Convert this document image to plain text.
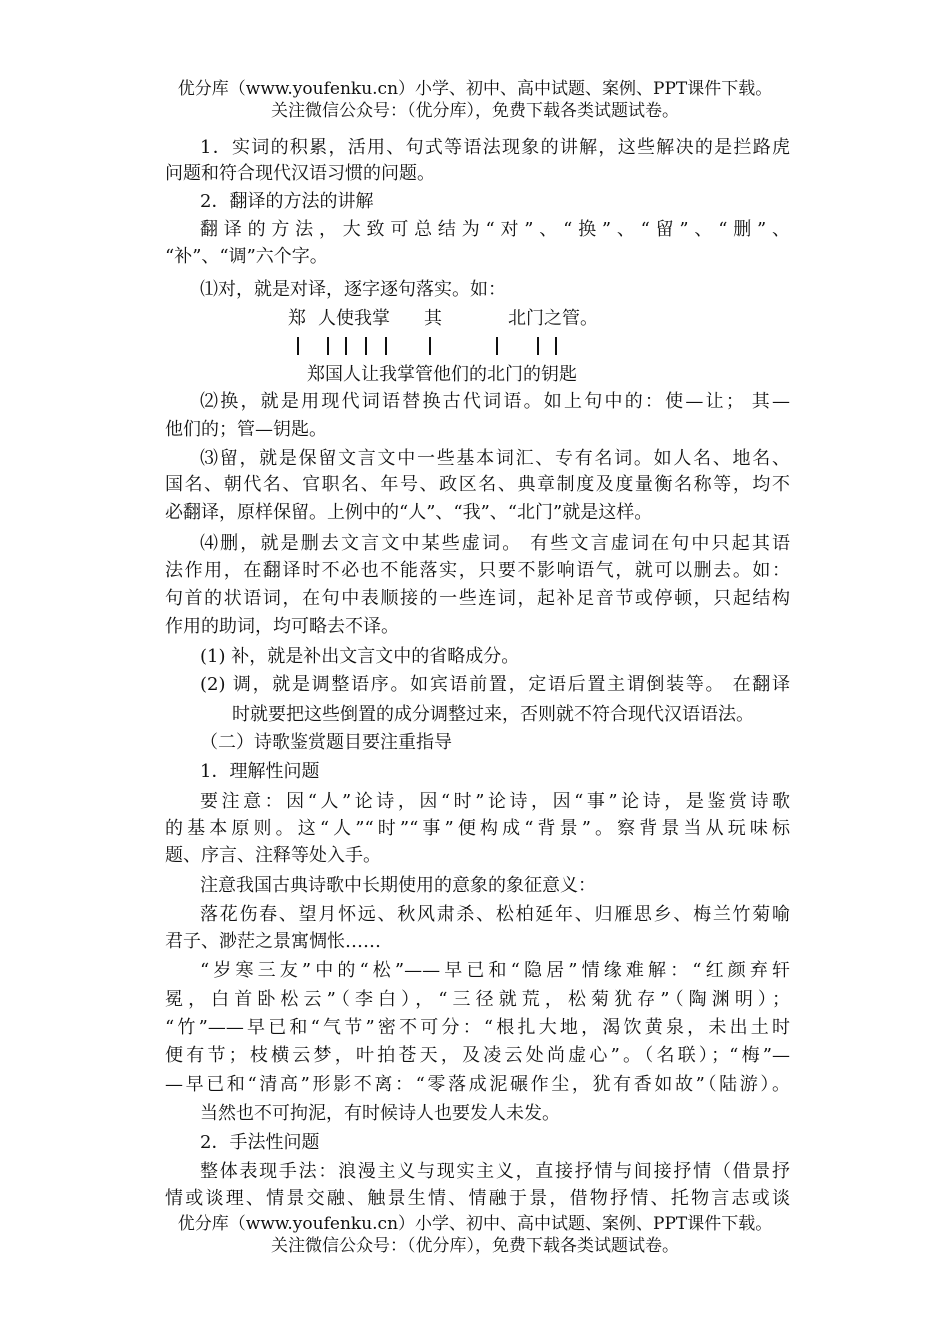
优分库（www.youfenku.cn）小学、初中、高中试题、案例、PPT课件下载。
关注微信公众号：（优分库），免费下载各类试题试卷。
1．实词的积累，活用、句式等语法现象的讲解，这些解决的是拦路虎
问题和符合现代汉语习惯的问题。
2．翻译的方法的讲解
翻译的方法，大致可总结为“对”、“换”、“留”、“删”、
“补”、“调”六个字。
⑴对，就是对译，逐字逐句落实。如：
郑 人使我掌 其	北门之管。
郑国人让我掌管他们的北门的钥匙
⑵换，就是用现代词语替换古代词语。如上句中的：使—让； 其—
他们的；管—钥匙。
⑶留，就是保留文言文中一些基本词汇、专有名词。如人名、地名、
国名、朝代名、官职名、年号、政区名、典章制度及度量衡名称等，均不
必翻译，原样保留。上例中的“人”、“我”、“北门”就是这样。
⑷删，就是删去文言文中某些虚词。 有些文言虚词在句中只起其语
法作用，在翻译时不必也不能落实，只要不影响语气，就可以删去。如：
句首的状语词，在句中表顺接的一些连词，起补足音节或停顿，只起结构
作用的助词，均可略去不译。
(1) 补，就是补出文言文中的省略成分。
(2) 调，就是调整语序。如宾语前置，定语后置主谓倒装等。 在翻译
时就要把这些倒置的成分调整过来，否则就不符合现代汉语语法。
（二）诗歌鉴赏题目要注重指导
1．理解性问题
要注意：因“人”论诗，因“时”论诗，因“事”论诗，是鉴赏诗歌
的基本原则。这“人”“时”“事”便构成“背景”。察背景当从玩味标
题、序言、注释等处入手。
注意我国古典诗歌中长期使用的意象的象征意义：
落花伤春、望月怀远、秋风肃杀、松柏延年、归雁思乡、梅兰竹菊喻
君子、渺茫之景寓惆怅……
“岁寒三友”中的“松”——早已和“隐居”情缘难解：“红颜弃轩
冕，白首卧松云”（李白），“三径就荒，松菊犹存”（陶渊明）；
“竹”——早已和“气节”密不可分：“根扎大地，渴饮黄泉，未出土时
便有节；枝横云梦，叶拍苍天，及凌云处尚虚心”。（名联）；“梅”—
—早已和“清高”形影不离：“零落成泥碾作尘，犹有香如故”（陆游）。
当然也不可拘泥，有时候诗人也要发人未发。
2．手法性问题
整体表现手法：浪漫主义与现实主义，直接抒情与间接抒情（借景抒
情或谈理、情景交融、触景生情、情融于景，借物抒情、托物言志或谈
优分库（www.youfenku.cn）小学、初中、高中试题、案例、PPT课件下载。
关注微信公众号：（优分库），免费下载各类试题试卷。
